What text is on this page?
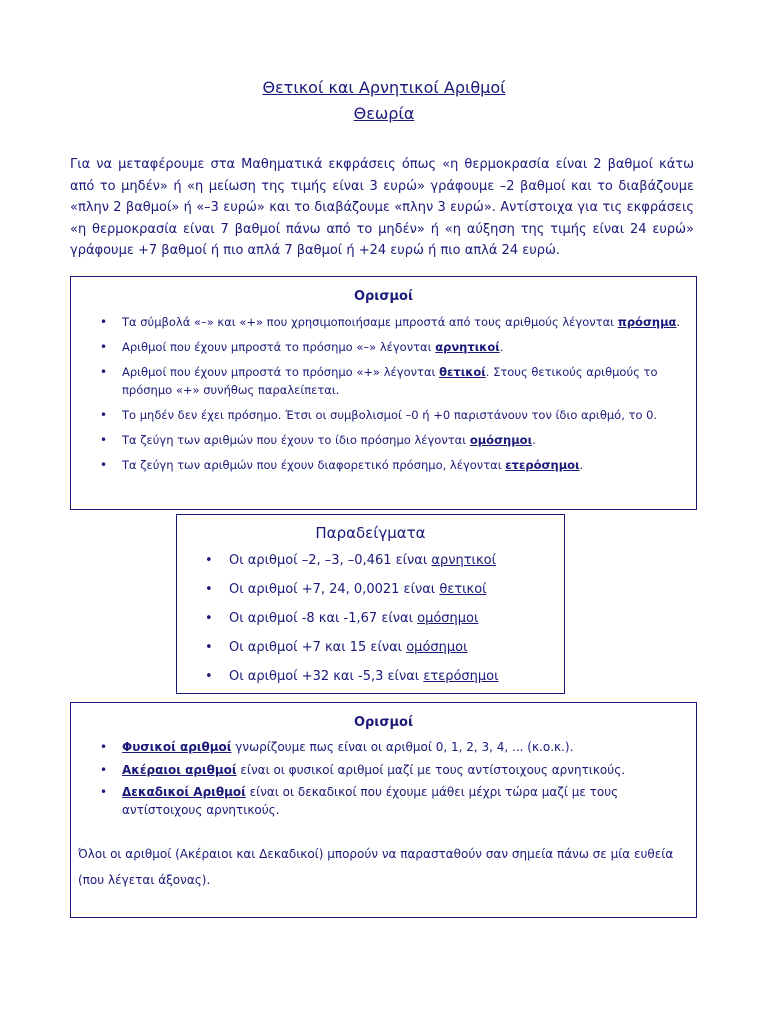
Θετικοί και Αρνητικοί Αριθμοί
Θεωρία
Για να μεταφέρουμε στα Μαθηματικά εκφράσεις όπως «η θερμοκρασία είναι 2 βαθμοί κάτω από το μηδέν» ή «η μείωση της τιμής είναι 3 ευρώ» γράφουμε –2 βαθμοί και το διαβάζουμε «πλην 2 βαθμοί» ή «–3 ευρώ» και το διαβάζουμε «πλην 3 ευρώ». Αντίστοιχα για τις εκφράσεις «η θερμοκρασία είναι 7 βαθμοί πάνω από το μηδέν» ή «η αύξηση της τιμής είναι 24 ευρώ» γράφουμε +7 βαθμοί ή πιο απλά 7 βαθμοί ή +24 ευρώ ή πιο απλά 24 ευρώ.
Ορισμοί
• Τα σύμβολά «–» και «+» που χρησιμοποιήσαμε μπροστά από τους αριθμούς λέγονται πρόσημα.
• Αριθμοί που έχουν μπροστά το πρόσημο «–» λέγονται αρνητικοί.
• Αριθμοί που έχουν μπροστά το πρόσημο «+» λέγονται θετικοί. Στους θετικούς αριθμούς το πρόσημο «+» συνήθως παραλείπεται.
• Το μηδέν δεν έχει πρόσημο. Έτσι οι συμβολισμοί –0 ή +0 παριστάνουν τον ίδιο αριθμό, το 0.
• Τα ζεύγη των αριθμών που έχουν το ίδιο πρόσημο λέγονται ομόσημοι.
• Τα ζεύγη των αριθμών που έχουν διαφορετικό πρόσημο, λέγονται ετερόσημοι.
Παραδείγματα
• Οι αριθμοί –2, –3, –0,461 είναι αρνητικοί
• Οι αριθμοί +7, 24, 0,0021 είναι θετικοί
• Οι αριθμοί -8 και -1,67 είναι ομόσημοι
• Οι αριθμοί +7 και 15 είναι ομόσημοι
• Οι αριθμοί +32 και -5,3 είναι ετερόσημοι
Ορισμοί
• Φυσικοί αριθμοί γνωρίζουμε πως είναι οι αριθμοί 0, 1, 2, 3, 4, ... (κ.ο.κ.).
• Ακέραιοι αριθμοί είναι οι φυσικοί αριθμοί μαζί με τους αντίστοιχους αρνητικούς.
• Δεκαδικοί Αριθμοί είναι οι δεκαδικοί που έχουμε μάθει μέχρι τώρα μαζί με τους αντίστοιχους αρνητικούς.
Όλοι οι αριθμοί (Ακέραιοι και Δεκαδικοί) μπορούν να παρασταθούν σαν σημεία πάνω σε μία ευθεία (που λέγεται άξονας).
